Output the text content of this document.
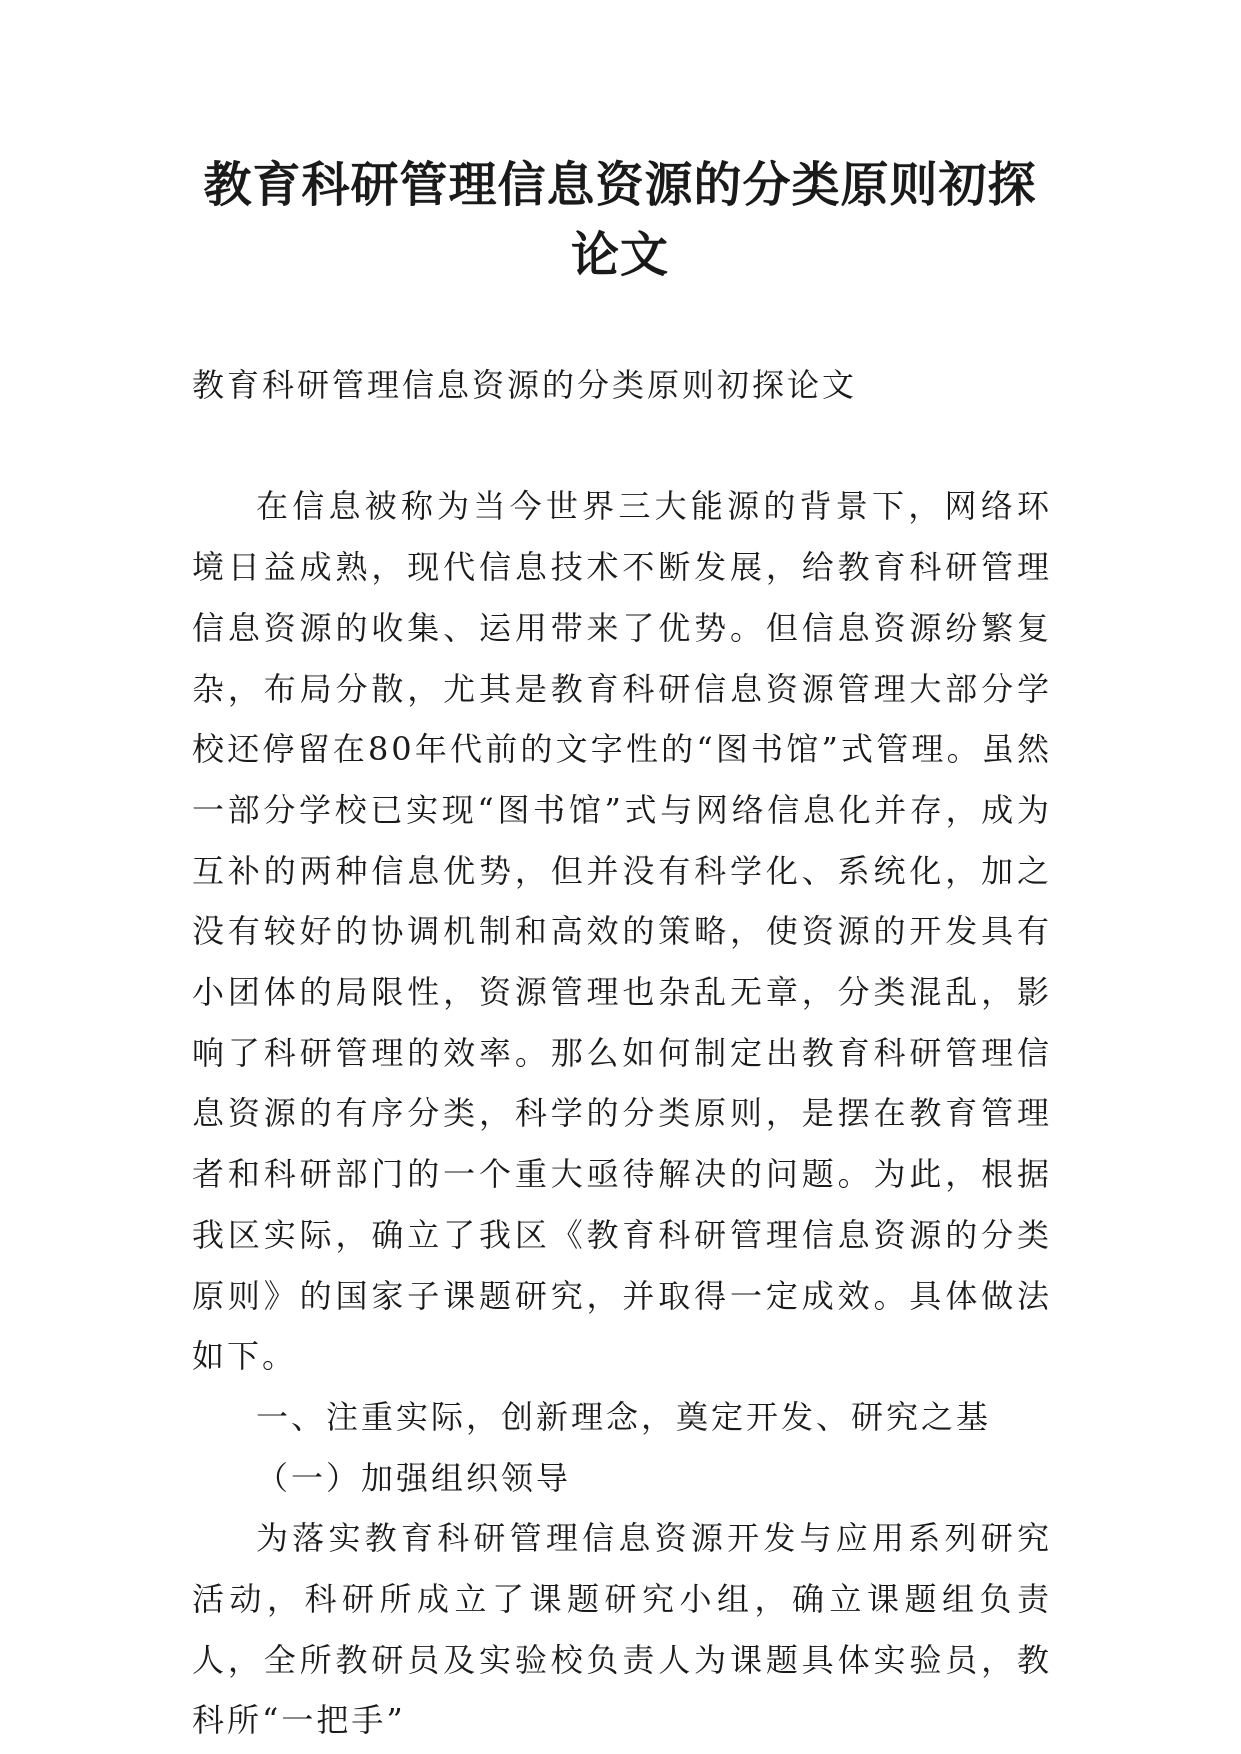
教育科研管理信息资源的分类原则初探论文

教育科研管理信息资源的分类原则初探论文

在信息被称为当今世界三大能源的背景下，网络环境日益成熟，现代信息技术不断发展，给教育科研管理信息资源的收集、运用带来了优势。但信息资源纷繁复杂，布局分散，尤其是教育科研信息资源管理大部分学校还停留在80年代前的文字性的“图书馆”式管理。虽然一部分学校已实现“图书馆”式与网络信息化并存，成为互补的两种信息优势，但并没有科学化、系统化，加之没有较好的协调机制和高效的策略，使资源的开发具有小团体的局限性，资源管理也杂乱无章，分类混乱，影响了科研管理的效率。那么如何制定出教育科研管理信息资源的有序分类，科学的分类原则，是摆在教育管理者和科研部门的一个重大亟待解决的问题。为此，根据我区实际，确立了我区《教育科研管理信息资源的分类原则》的国家子课题研究，并取得一定成效。具体做法如下。

一、注重实际，创新理念，奠定开发、研究之基

（一）加强组织领导

为落实教育科研管理信息资源开发与应用系列研究活动，科研所成立了课题研究小组，确立课题组负责人，全所教研员及实验校负责人为课题具体实验员，教科所“一把手”
